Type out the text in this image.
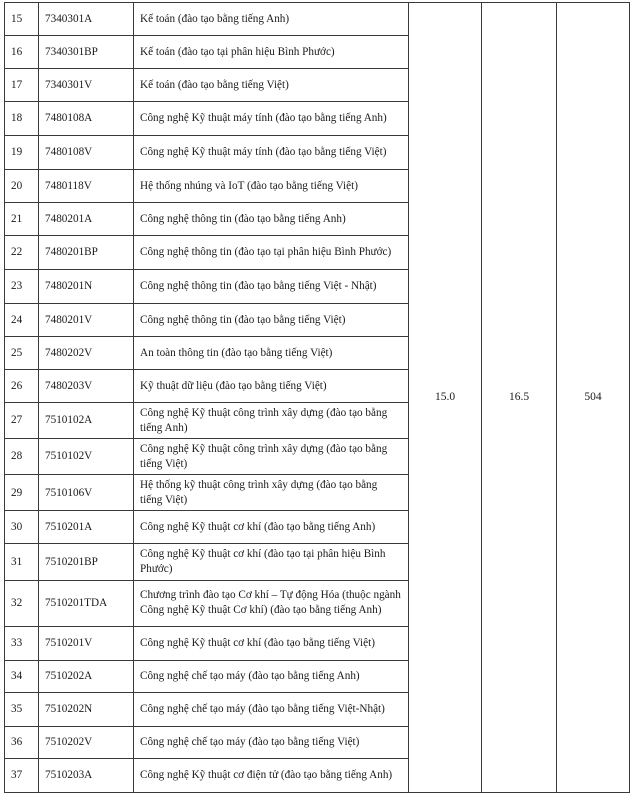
15	7340301A	Kế toán (đào tạo bằng tiếng Anh)	15.0	16.5	504
16	7340301BP	Kế toán (đào tạo tại phân hiệu Bình Phước)			
17	7340301V	Kế toán (đào tạo bằng tiếng Việt)			
18	7480108A	Công nghệ Kỹ thuật máy tính (đào tạo bằng tiếng Anh)			
19	7480108V	Công nghệ Kỹ thuật máy tính (đào tạo bằng tiếng Việt)			
20	7480118V	Hệ thống nhúng và IoT (đào tạo bằng tiếng Việt)			
21	7480201A	Công nghệ thông tin (đào tạo bằng tiếng Anh)			
22	7480201BP	Công nghệ thông tin (đào tạo tại phân hiệu Bình Phước)			
23	7480201N	Công nghệ thông tin (đào tạo bằng tiếng Việt - Nhật)			
24	7480201V	Công nghệ thông tin (đào tạo bằng tiếng Việt)			
25	7480202V	An toàn thông tin (đào tạo bằng tiếng Việt)			
26	7480203V	Kỹ thuật dữ liệu (đào tạo bằng tiếng Việt)			
27	7510102A	Công nghệ Kỹ thuật công trình xây dựng (đào tạo bằng tiếng Anh)			
28	7510102V	Công nghệ Kỹ thuật công trình xây dựng (đào tạo bằng tiếng Việt)			
29	7510106V	Hệ thống kỹ thuật công trình xây dựng (đào tạo bằng tiếng Việt)			
30	7510201A	Công nghệ Kỹ thuật cơ khí (đào tạo bằng tiếng Anh)			
31	7510201BP	Công nghệ Kỹ thuật cơ khí (đào tạo tại phân hiệu Bình Phước)			
32	7510201TDA	Chương trình đào tạo Cơ khí – Tự động Hóa (thuộc ngành Công nghệ Kỹ thuật Cơ khí) (đào tạo bằng tiếng Anh)			
33	7510201V	Công nghệ Kỹ thuật cơ khí (đào tạo bằng tiếng Việt)			
34	7510202A	Công nghệ chế tạo máy (đào tạo bằng tiếng Anh)			
35	7510202N	Công nghệ chế tạo máy (đào tạo bằng tiếng Việt-Nhật)			
36	7510202V	Công nghệ chế tạo máy (đào tạo bằng tiếng Việt)			
37	7510203A	Công nghệ Kỹ thuật cơ điện tử (đào tạo bằng tiếng Anh)			
